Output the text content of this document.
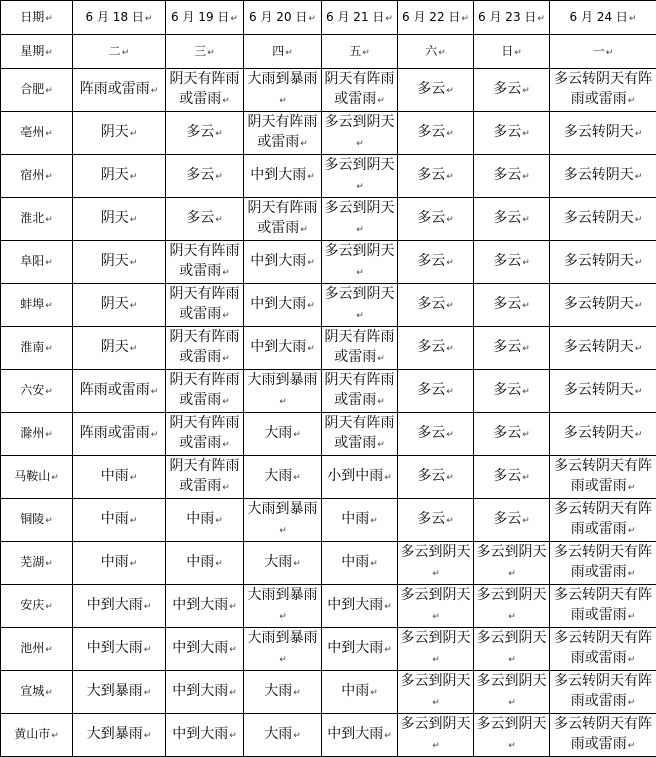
日期↵	6 月 18 日↵	6 月 19 日↵	6 月 20 日↵	6 月 21 日↵	6 月 22 日↵	6 月 23 日↵	6 月 24 日↵
星期↵	二↵	三↵	四↵	五↵	六↵	日↵	一↵
合肥↵	阵雨或雷雨↵	阴天有阵雨或雷雨↵	大雨到暴雨↵	阴天有阵雨或雷雨↵	多云↵	多云↵	多云转阴天有阵雨或雷雨↵
亳州↵	阴天↵	多云↵	阴天有阵雨或雷雨↵	多云到阴天↵	多云↵	多云↵	多云转阴天↵
宿州↵	阴天↵	多云↵	中到大雨↵	多云到阴天↵	多云↵	多云↵	多云转阴天↵
淮北↵	阴天↵	多云↵	阴天有阵雨或雷雨↵	多云到阴天↵	多云↵	多云↵	多云转阴天↵
阜阳↵	阴天↵	阴天有阵雨或雷雨↵	中到大雨↵	多云到阴天↵	多云↵	多云↵	多云转阴天↵
蚌埠↵	阴天↵	阴天有阵雨或雷雨↵	中到大雨↵	多云到阴天↵	多云↵	多云↵	多云转阴天↵
淮南↵	阴天↵	阴天有阵雨或雷雨↵	中到大雨↵	阴天有阵雨或雷雨↵	多云↵	多云↵	多云转阴天↵
六安↵	阵雨或雷雨↵	阴天有阵雨或雷雨↵	大雨到暴雨↵	阴天有阵雨或雷雨↵	多云↵	多云↵	多云转阴天↵
滁州↵	阵雨或雷雨↵	阴天有阵雨或雷雨↵	大雨↵	阴天有阵雨或雷雨↵	多云↵	多云↵	多云转阴天↵
马鞍山↵	中雨↵	阴天有阵雨或雷雨↵	大雨↵	小到中雨↵	多云↵	多云↵	多云转阴天有阵雨或雷雨↵
铜陵↵	中雨↵	中雨↵	大雨到暴雨↵	中雨↵	多云↵	多云↵	多云转阴天有阵雨或雷雨↵
芜湖↵	中雨↵	中雨↵	大雨↵	中雨↵	多云到阴天↵	多云到阴天↵	多云转阴天有阵雨或雷雨↵
安庆↵	中到大雨↵	中到大雨↵	大雨到暴雨↵	中到大雨↵	多云到阴天↵	多云到阴天↵	多云转阴天有阵雨或雷雨↵
池州↵	中到大雨↵	中到大雨↵	大雨到暴雨↵	中到大雨↵	多云到阴天↵	多云到阴天↵	多云转阴天有阵雨或雷雨↵
宣城↵	大到暴雨↵	中到大雨↵	大雨↵	中雨↵	多云到阴天↵	多云到阴天↵	多云转阴天有阵雨或雷雨↵
黄山市↵	大到暴雨↵	中到大雨↵	大雨↵	中到大雨↵	多云到阴天↵	多云到阴天↵	多云转阴天有阵雨或雷雨↵
